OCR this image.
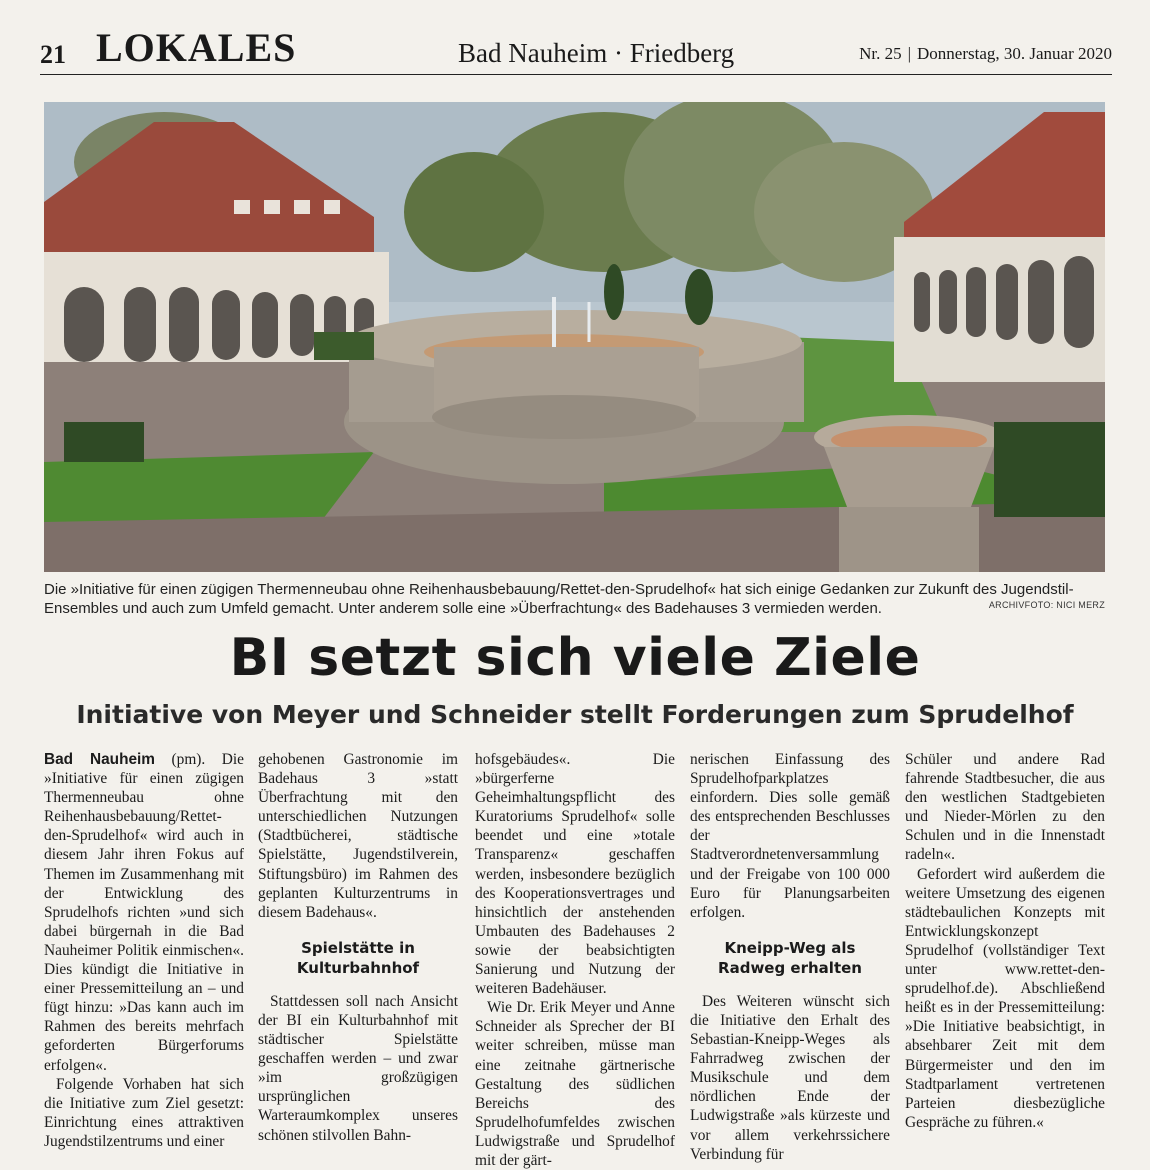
21 LOKALES	Bad Nauheim · Friedberg	Nr. 25 | Donnerstag, 30. Januar 2020
Die »Initiative für einen zügigen Thermenneubau ohne Reihenhausbebauung/Rettet-den-Sprudelhof« hat sich einige Gedanken zur Zukunft des Jugendstil-Ensembles und auch zum Umfeld gemacht. Unter anderem solle eine »Überfrachtung« des Badehauses 3 vermieden werden.	ARCHIVFOTO: NICI MERZ
BI setzt sich viele Ziele
Initiative von Meyer und Schneider stellt Forderungen zum Sprudelhof

Bad Nauheim (pm). Die »Initiative für einen zügigen Thermenneubau ohne Reihenhausbebauung/Rettet-den-Sprudelhof« wird auch in diesem Jahr ihren Fokus auf Themen im Zusammenhang mit der Entwicklung des Sprudelhofs richten »und sich dabei bürgernah in die Bad Nauheimer Politik einmischen«. Dies kündigt die Initiative in einer Pressemitteilung an – und fügt hinzu: »Das kann auch im Rahmen des bereits mehrfach geforderten Bürgerforums erfolgen«.

Folgende Vorhaben hat sich die Initiative zum Ziel gesetzt: Einrichtung eines attraktiven Jugendstilzentrums und einer

gehobenen Gastronomie im Badehaus 3 »statt Überfrachtung mit den unterschiedlichen Nutzungen (Stadtbücherei, städtische Spielstätte, Jugendstilverein, Stiftungsbüro) im Rahmen des geplanten Kulturzentrums in diesem Badehaus«.

Spielstätte in Kulturbahnhof

Stattdessen soll nach Ansicht der BI ein Kulturbahnhof mit städtischer Spielstätte geschaffen werden – und zwar »im großzügigen ursprünglichen Warteraumkomplex unseres schönen stilvollen Bahn-

hofsgebäudes«. Die »bürgerferne Geheimhaltungspflicht des Kuratoriums Sprudelhof« solle beendet und eine »totale Transparenz« geschaffen werden, insbesondere bezüglich des Kooperationsvertrages und hinsichtlich der anstehenden Umbauten des Badehauses 2 sowie der beabsichtigten Sanierung und Nutzung der weiteren Badehäuser.

Wie Dr. Erik Meyer und Anne Schneider als Sprecher der BI weiter schreiben, müsse man eine zeitnahe gärtnerische Gestaltung des südlichen Bereichs des Sprudelhofumfeldes zwischen Ludwigstraße und Sprudelhof mit der gärt-

nerischen Einfassung des Sprudelhofparkplatzes einfordern. Dies solle gemäß des entsprechenden Beschlusses der Stadtverordnetenversammlung und der Freigabe von 100 000 Euro für Planungsarbeiten erfolgen.

Kneipp-Weg als Radweg erhalten

Des Weiteren wünscht sich die Initiative den Erhalt des Sebastian-Kneipp-Weges als Fahrradweg zwischen der Musikschule und dem nördlichen Ende der Ludwigstraße »als kürzeste und vor allem verkehrssichere Verbindung für

Schüler und andere Rad fahrende Stadtbesucher, die aus den westlichen Stadtgebieten und Nieder-Mörlen zu den Schulen und in die Innenstadt radeln«.

Gefordert wird außerdem die weitere Umsetzung des eigenen städtebaulichen Konzepts mit Entwicklungskonzept Sprudelhof (vollständiger Text unter www.rettet-den-sprudelhof.de). Abschließend heißt es in der Pressemitteilung: »Die Initiative beabsichtigt, in absehbarer Zeit mit dem Bürgermeister und den im Stadtparlament vertretenen Parteien diesbezügliche Gespräche zu führen.«
